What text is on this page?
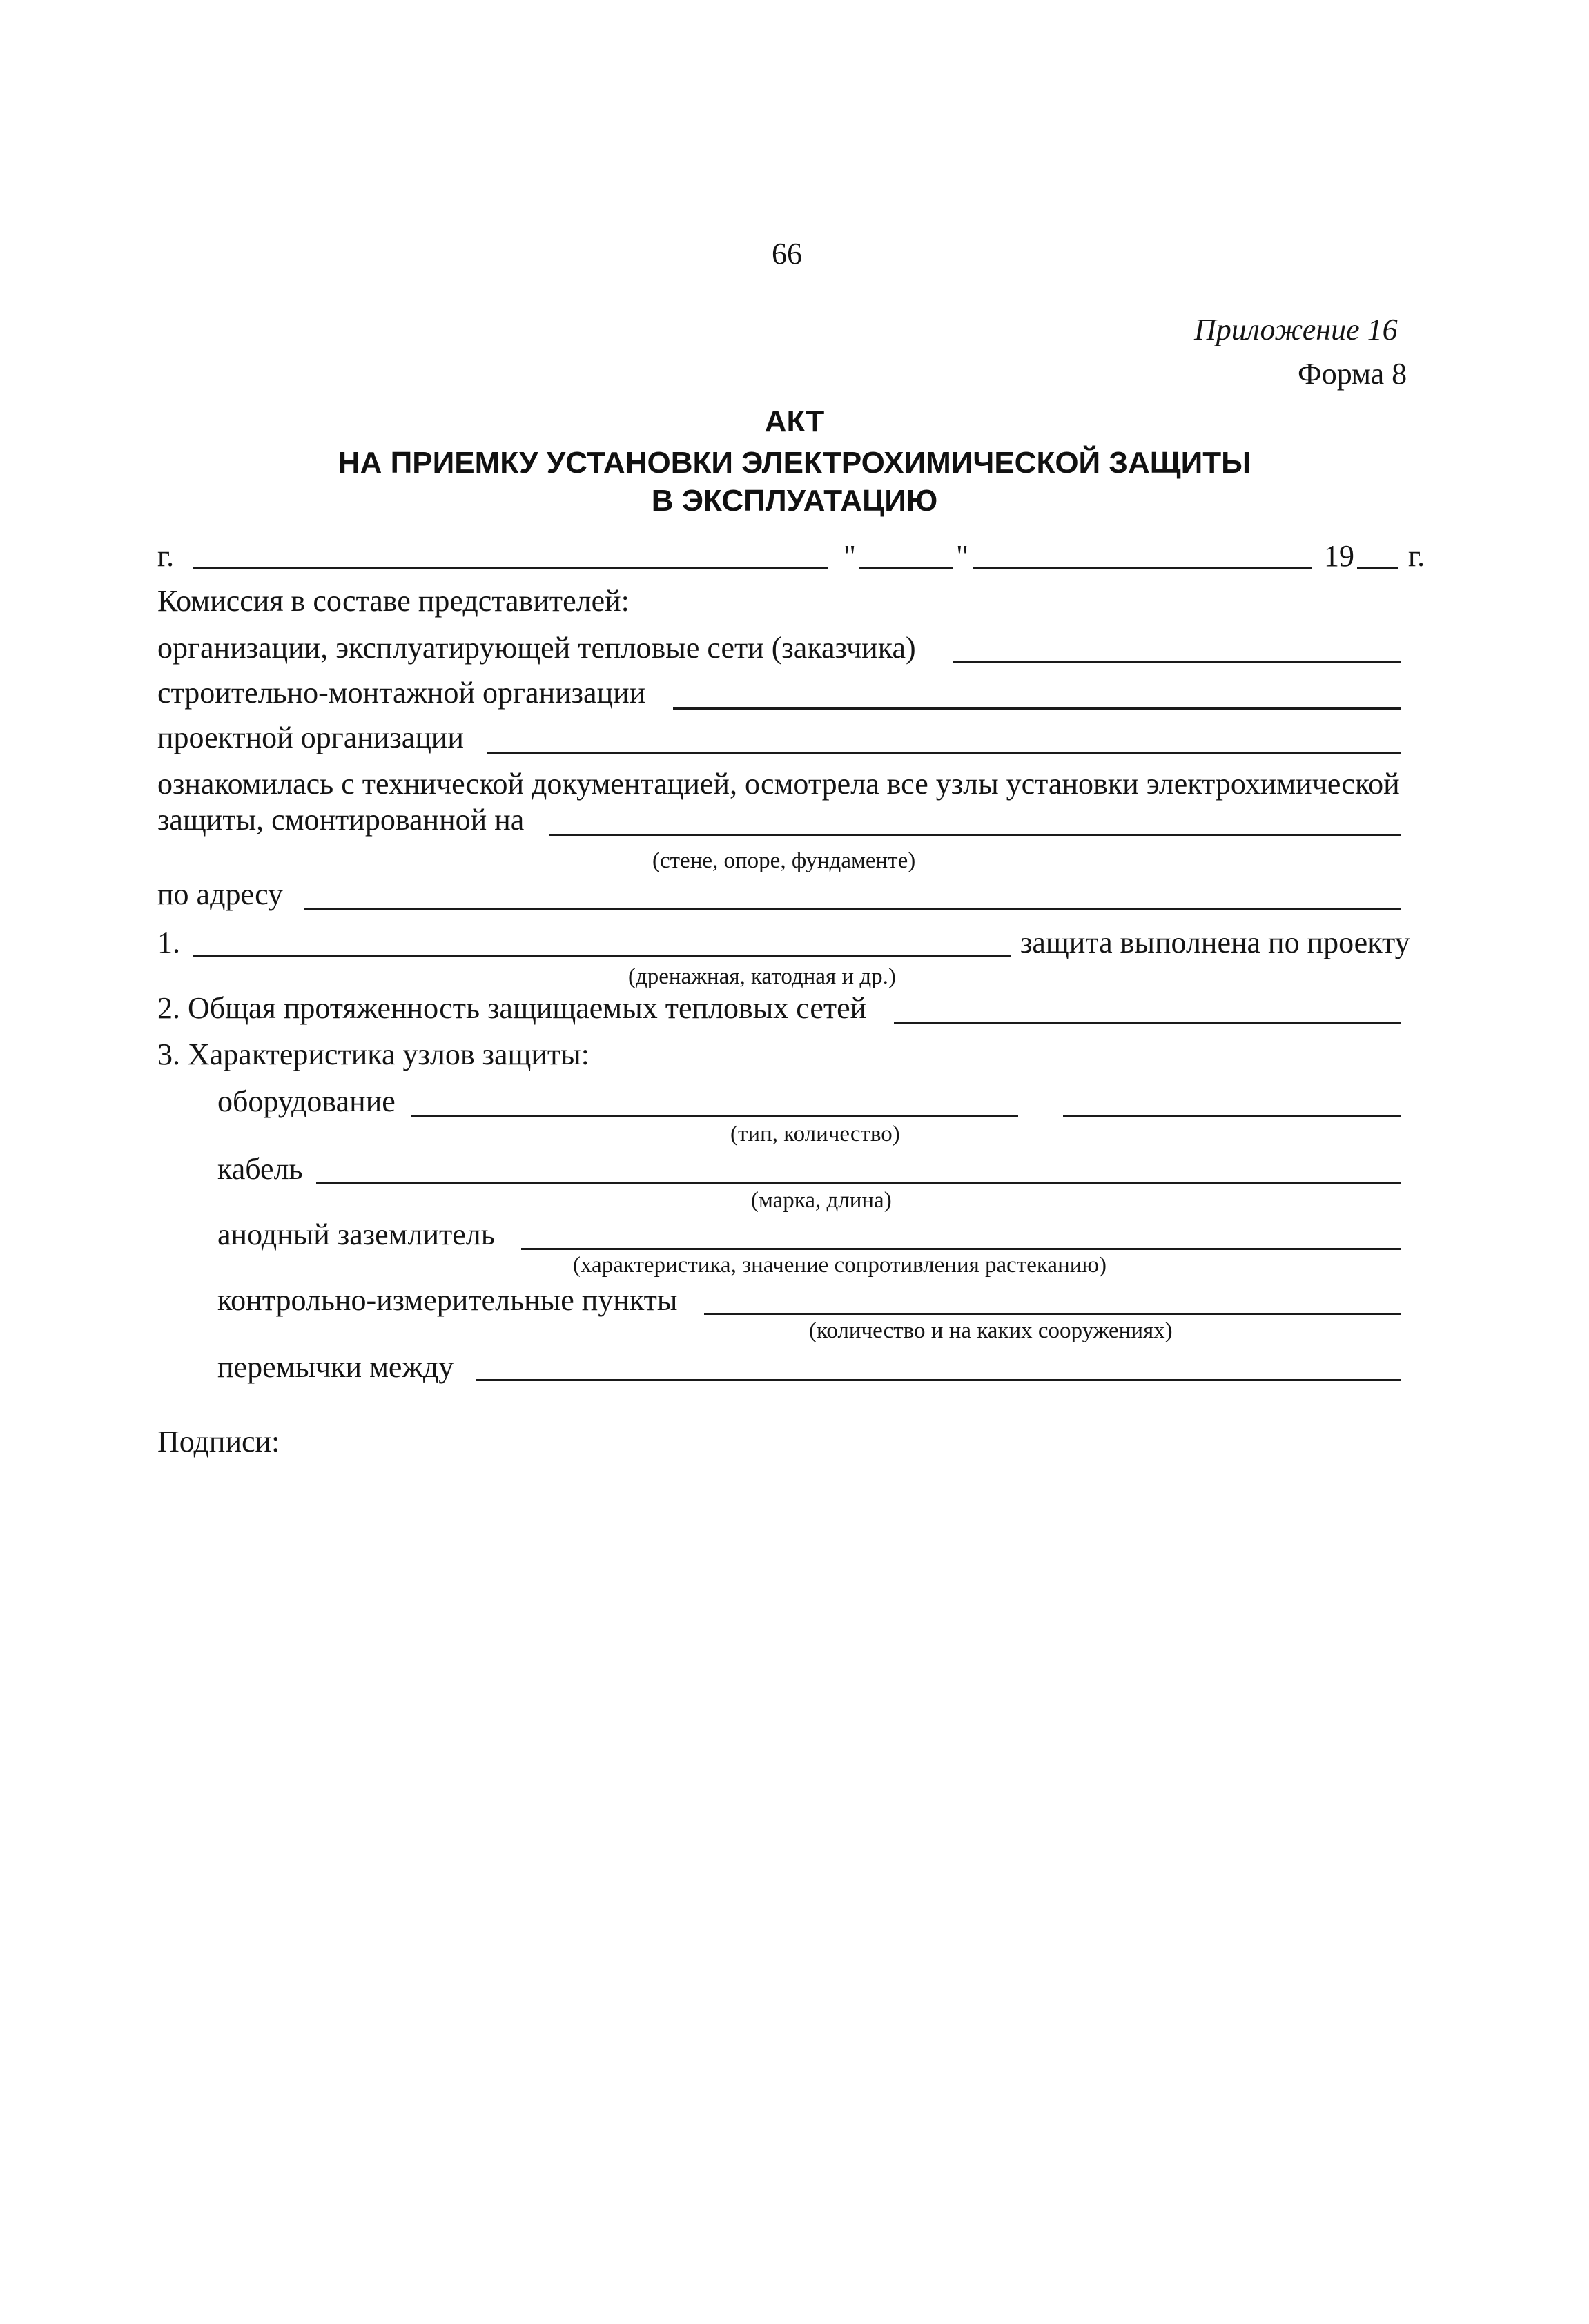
66
Приложение 16
Форма 8
АКТ
НА ПРИЕМКУ УСТАНОВКИ ЭЛЕКТРОХИМИЧЕСКОЙ ЗАЩИТЫ
В ЭКСПЛУАТАЦИЮ
г.	"	"	19 г.
Комиссия в составе представителей:
организации, эксплуатирующей тепловые сети (заказчика)
строительно-монтажной организации
проектной организации
ознакомилась с технической документацией, осмотрела все узлы установки электрохимической
защиты, смонтированной на
(стене, опоре, фундаменте)
по адресу
1.	защита выполнена по проекту
(дренажная, катодная и др.)
2. Общая протяженность защищаемых тепловых сетей
3. Характеристика узлов защиты:
оборудование
(тип, количество)
кабель
(марка, длина)
анодный заземлитель
(характеристика, значение сопротивления растеканию)
контрольно-измерительные пункты
(количество и на каких сооружениях)
перемычки между
Подписи:
